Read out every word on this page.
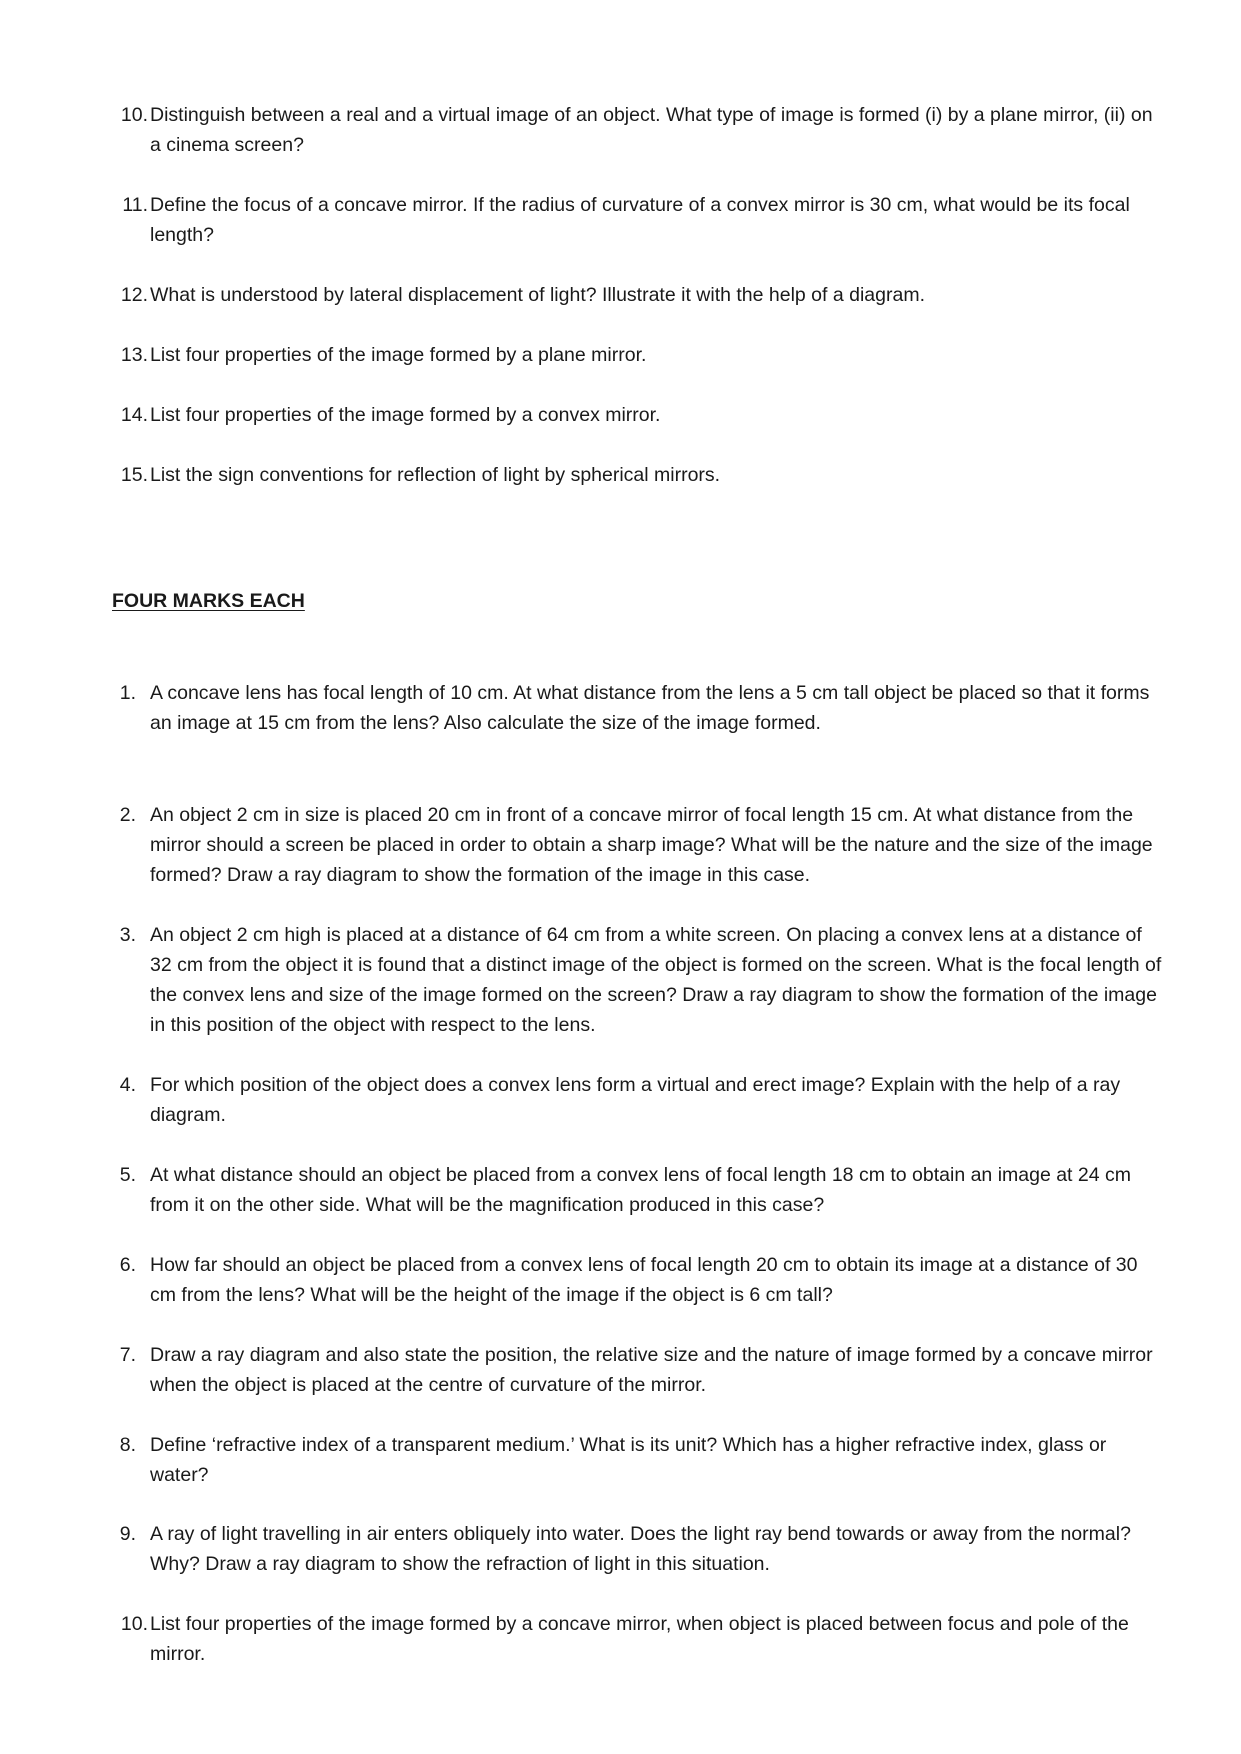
10. Distinguish between a real and a virtual image of an object. What type of image is formed (i) by a plane mirror, (ii) on a cinema screen?
11. Define the focus of a concave mirror. If the radius of curvature of a convex mirror is 30 cm, what would be its focal length?
12. What is understood by lateral displacement of light? Illustrate it with the help of a diagram.
13. List four properties of the image formed by a plane mirror.
14. List four properties of the image formed by a convex mirror.
15. List the sign conventions for reflection of light by spherical mirrors.
FOUR MARKS EACH
1. A concave lens has focal length of 10 cm. At what distance from the lens a 5 cm tall object be placed so that it forms an image at 15 cm from the lens? Also calculate the size of the image formed.
2. An object 2 cm in size is placed 20 cm in front of a concave mirror of focal length 15 cm. At what distance from the mirror should a screen be placed in order to obtain a sharp image? What will be the nature and the size of the image formed? Draw a ray diagram to show the formation of the image in this case.
3. An object 2 cm high is placed at a distance of 64 cm from a white screen. On placing a convex lens at a distance of 32 cm from the object it is found that a distinct image of the object is formed on the screen. What is the focal length of the convex lens and size of the image formed on the screen? Draw a ray diagram to show the formation of the image in this position of the object with respect to the lens.
4. For which position of the object does a convex lens form a virtual and erect image? Explain with the help of a ray diagram.
5. At what distance should an object be placed from a convex lens of focal length 18 cm to obtain an image at 24 cm from it on the other side. What will be the magnification produced in this case?
6. How far should an object be placed from a convex lens of focal length 20 cm to obtain its image at a distance of 30 cm from the lens? What will be the height of the image if the object is 6 cm tall?
7. Draw a ray diagram and also state the position, the relative size and the nature of image formed by a concave mirror when the object is placed at the centre of curvature of the mirror.
8. Define ‘refractive index of a transparent medium.’ What is its unit? Which has a higher refractive index, glass or water?
9. A ray of light travelling in air enters obliquely into water. Does the light ray bend towards or away from the normal? Why? Draw a ray diagram to show the refraction of light in this situation.
10. List four properties of the image formed by a concave mirror, when object is placed between focus and pole of the mirror.
